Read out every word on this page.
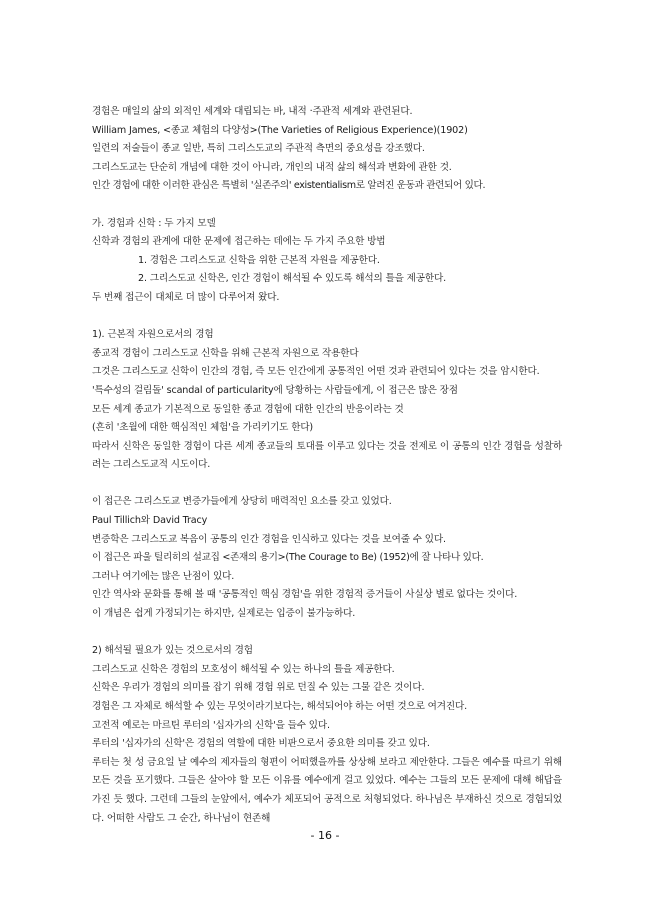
경험은 매일의 삶의 외적인 세계와 대립되는 바, 내적 ·주관적 세계와 관련된다.
William James, <종교 체험의 다양성>(The Varieties of Religious Experience)(1902)
일련의 저술들이 종교 일반, 특히 그리스도교의 주관적 측면의 중요성을 강조했다.
그리스도교는 단순히 개념에 대한 것이 아니라, 개인의 내적 삶의 해석과 변화에 관한 것.
인간 경험에 대한 이러한 관심은 특별히 '실존주의' existentialism로 알려진 운동과 관련되어 있다.
가. 경험과 신학 : 두 가지 모델
신학과 경험의 관계에 대한 문제에 접근하는 데에는 두 가지 주요한 방법
1. 경험은 그리스도교 신학을 위한 근본적 자원을 제공한다.
2. 그리스도교 신학은, 인간 경험이 해석될 수 있도록 해석의 틀을 제공한다.
두 번째 접근이 대체로 더 많이 다루어져 왔다.
1). 근본적 자원으로서의 경험
종교적 경험이 그리스도교 신학을 위해 근본적 자원으로 작용한다
그것은 그리스도교 신학이 인간의 경험, 즉 모든 인간에게 공통적인 어떤 것과 관련되어 있다는 것을 암시한다.
'특수성의 걸림돌' scandal of particularity에 당황하는 사람들에게, 이 접근은 많은 장점
모든 세계 종교가 기본적으로 동일한 종교 경험에 대한 인간의 반응이라는 것
(흔히 '초월에 대한 핵심적인 체험'을 가리키기도 한다)
따라서 신학은 동일한 경험이 다른 세계 종교들의 토대를 이루고 있다는 것을 전제로 이 공통의 인간 경험을 성찰하려는 그리스도교적 시도이다.
이 접근은 그리스도교 변증가들에게 상당히 매력적인 요소를 갖고 있었다.
Paul Tillich와 David Tracy
변증학은 그리스도교 복음이 공통의 인간 경험을 인식하고 있다는 것을 보여줄 수 있다.
이 접근은 파울 틸리히의 설교집 <존재의 용기>(The Courage to Be) (1952)에 잘 나타나 있다.
그러나 여기에는 많은 난점이 있다.
인간 역사와 문화를 통해 볼 때 '공통적인 핵심 경험'을 위한 경험적 증거들이 사실상 별로 없다는 것이다.
이 개념은 쉽게 가정되기는 하지만, 실제로는 입증이 불가능하다.
2) 해석될 필요가 있는 것으로서의 경험
그리스도교 신학은 경험의 모호성이 해석될 수 있는 하나의 틀을 제공한다.
신학은 우리가 경험의 의미를 잡기 위해 경험 위로 던질 수 있는 그물 같은 것이다.
경험은 그 자체로 해석할 수 있는 무엇이라기보다는, 해석되어야 하는 어떤 것으로 여겨진다.
고전적 예로는 마르틴 루터의 '십자가의 신학'을 들수 있다.
루터의 '십자가의 신학'은 경험의 역할에 대한 비판으로서 중요한 의미를 갖고 있다.
루터는 첫 성 금요일 날 예수의 제자들의 형편이 어떠했을까를 상상해 보라고 제안한다. 그들은 예수를 따르기 위해 모든 것을 포기했다. 그들은 살아야 할 모든 이유를 예수에게 걸고 있었다. 예수는 그들의 모든 문제에 대해 해답을 가진 듯 했다. 그런데 그들의 눈앞에서, 예수가 체포되어 공적으로 처형되었다. 하나님은 부재하신 것으로 경험되었다. 어떠한 사람도 그 순간, 하나님이 현존해
- 16 -
